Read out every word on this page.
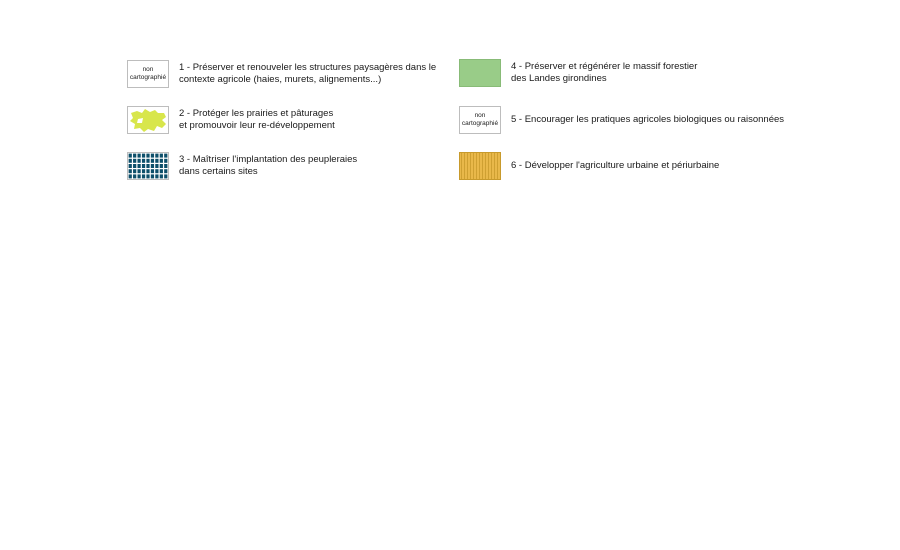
non
cartographié
1 - Préserver et renouveler les structures paysagères dans le
contexte agricole (haies, murets, alignements...)
2 - Protéger les prairies et pâturages
et promouvoir leur re-développement
3 - Maîtriser l'implantation des peupleraies
dans certains sites
4 - Préserver et régénérer le massif forestier
des Landes girondines
non
cartographié 5 - Encourager les pratiques agricoles biologiques ou raisonnées
6 - Développer l'agriculture urbaine et périurbaine
